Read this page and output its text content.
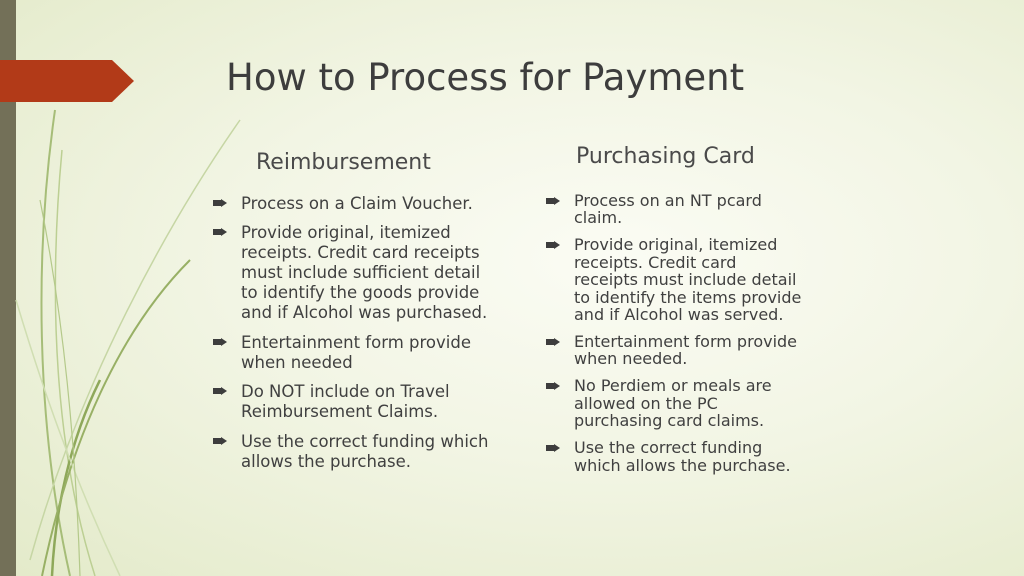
How to Process for Payment
Reimbursement	Purchasing Card
Process on a Claim Voucher.
Provide original, itemized
receipts. Credit card receipts
must include sufficient detail
to identify the goods provide
and if Alcohol was purchased.
Entertainment form provide
when needed
Do NOT include on Travel
Reimbursement Claims.
Use the correct funding which
allows the purchase.
Process on an NT pcard
claim.
Provide original, itemized
receipts. Credit card
receipts must include detail
to identify the items provide
and if Alcohol was served.
Entertainment form provide
when needed.
No Perdiem or meals are
allowed on the PC
purchasing card claims.
Use the correct funding
which allows the purchase.
